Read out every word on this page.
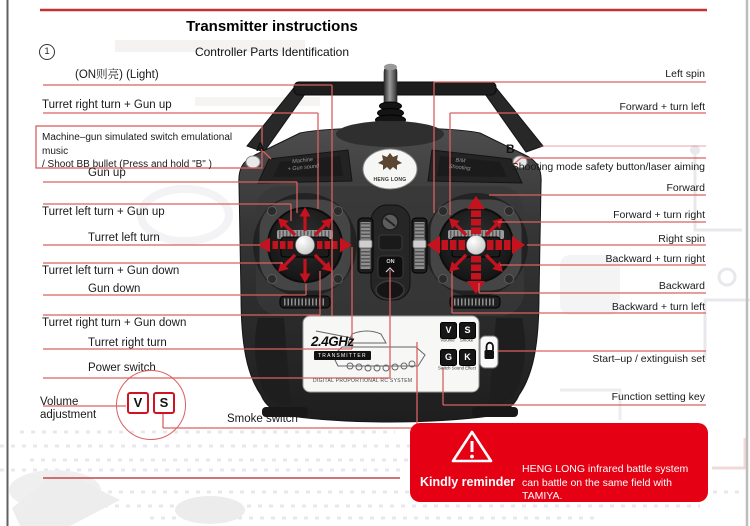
Transmitter instructions
Controller Parts Identification
1
(ON则亮) (Light)
Turret right turn + Gun up
Machine–gun simulated switch emulational music
/ Shoot BB bullet (Press and hold "B" )
Gun up
Turret left turn + Gun up
Turret left turn
Turret left turn + Gun down
Gun down
Turret right turn + Gun down
Turret right turn
Power switch
Volume
adjustment	Smoke switch
Left spin
Forward + turn left
Shooting mode safety button/laser aiming
Forward
Forward + turn right
Right spin
Backward + turn right
Backward
Backward + turn left
Start–up / extinguish set
Function setting key
A	B
HENG LONG
ON
Machine
+ Gun sound
B/M
Shooting
2.4GHz
TRANSMITTER
DIGITAL PROPORTIONAL RC SYSTEM
V	S
Volume Smoke
G	K
Switch Sound Effect
V	S
Kindly reminder
HENG LONG infrared battle system can battle on the same field with TAMIYA.
